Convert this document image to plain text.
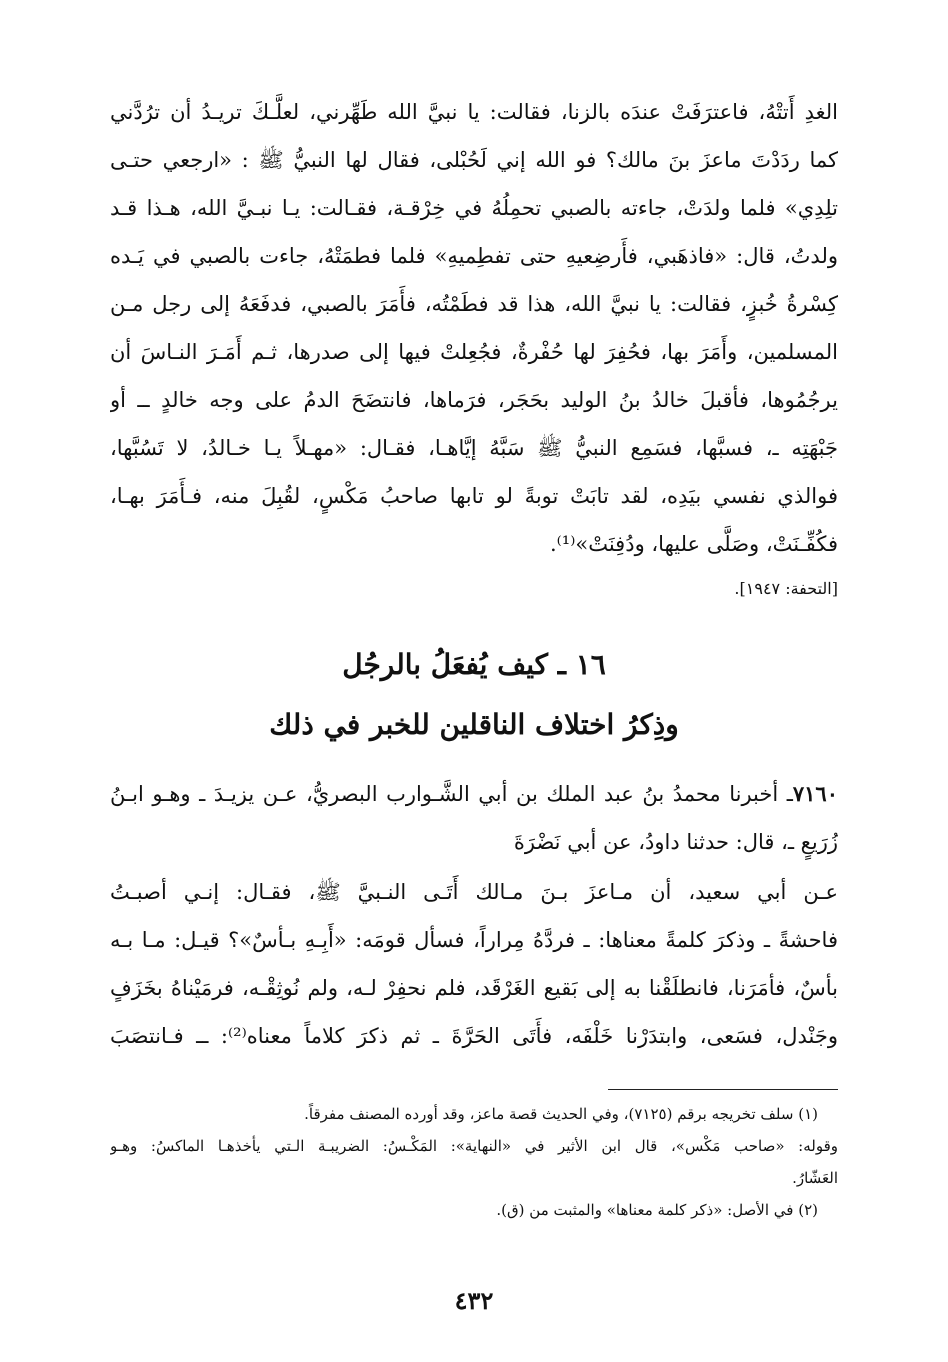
الغدِ أَتتْهُ، فاعترَفَتْ عندَه بالزنا، فقالت: يا نبيَّ الله طَهِّرني، لعلَّـكَ تريـدُ أن ترُدَّني
كما ردَدْتَ ماعزَ بنَ مالك؟ فو الله إني لَحُبْلى، فقال لها النبيُّ ﷺ : «ارجعي حتـى
تلِدِي» فلما ولدَتْ، جاءته بالصبي تحمِلُهُ في خِرْقـة، فقـالت: يـا نبـيَّ الله، هـذا قـد
ولدتُ، قال: «فاذهَبي، فأَرضِعيهِ حتى تفطِميهِ» فلما فطمَتْهُ، جاءت بالصبي في يَـده
كِسْرةُ خُبزٍ، فقالت: يا نبيَّ الله، هذا قد فطَمْتُه، فأَمَرَ بالصبي، فدفَعَهُ إلى رجل مـن
المسلمين، وأَمَرَ بها، فحُفِرَ لها حُفْرةٌ، فجُعِلتْ فيها إلى صدرها، ثـم أَمَـرَ النـاسَ أن
يرجُمُوها، فأقبلَ خالدُ بنُ الوليد بحَجَر، فرَماها، فانتضَحَ الدمُ على وجه خالدٍ ــ أو
جَبْهَتِه ـ، فسبَّها، فسَمِع النبيُّ ﷺ سَبَّهُ إيَّاهـا، فقـال: «مهـلاً يـا خـالدُ، لا تَسُبَّها،
فوالذي نفسي بيَدِه، لقد تابَتْ توبةً لو تابها صاحبُ مَكْسٍ، لقُبِلَ منه، فـأَمَرَ بهـا،
فكُفِّـنَتْ، وصَلَّى عليها، ودُفِنَتْ»⁽¹⁾.
[التحفة: ١٩٤٧].
١٦ ـ كيف يُفعَلُ بالرجُل
وذِكرُ اختلاف الناقلين للخبر في ذلك
٧١٦٠ـ أخبرنا محمدُ بنُ عبد الملك بن أبي الشَّـوارب البصريُّ، عـن يزيـدَ ـ وهـو ابـنُ
زُرَيعٍ ـ، قال: حدثنا داودُ، عن أبي نَضْرَةَ
عـن أبي سعيد، أن مـاعزَ بـنَ مـالك أَتَـى النـبيَّ ﷺ، فقـال: إنـي أصبـتُ
فاحشةً ـ وذكرَ كلمةً معناها: ـ فردَّهُ مِراراً، فسأل قومَه: «أَبِـهِ بـأسٌ»؟ قيـل: مـا بـه
بأسٌ، فأمَرَنا، فانطلَقْنا به إلى بَقيع الغَرْقَد، فلم نحفِرْ لـه، ولم نُوثِقْـه، فرمَيْناهُ بخَزَفٍ
وجَنْدل، فسَعى، وابتدَرْنا خَلْفَه، فأَتَى الحَرَّةَ ـ ثم ذكرَ كلاماً معناه⁽²⁾: ــ فـانتصَبَ
(١) سلف تخريجه برقم (٧١٢٥)، وفي الحديث قصة ماعز، وقد أورده المصنف مفرقاً.
وقوله: «صاحب مَكْس»، قال ابن الأثير في «النهاية»: المَكْـسُ: الضريبـة الـتي يأخذهـا الماكسُ: وهـو
العَشّارُ.
(٢) في الأصل: «ذكر كلمة معناها» والمثبت من (ق).
٤٣٢
